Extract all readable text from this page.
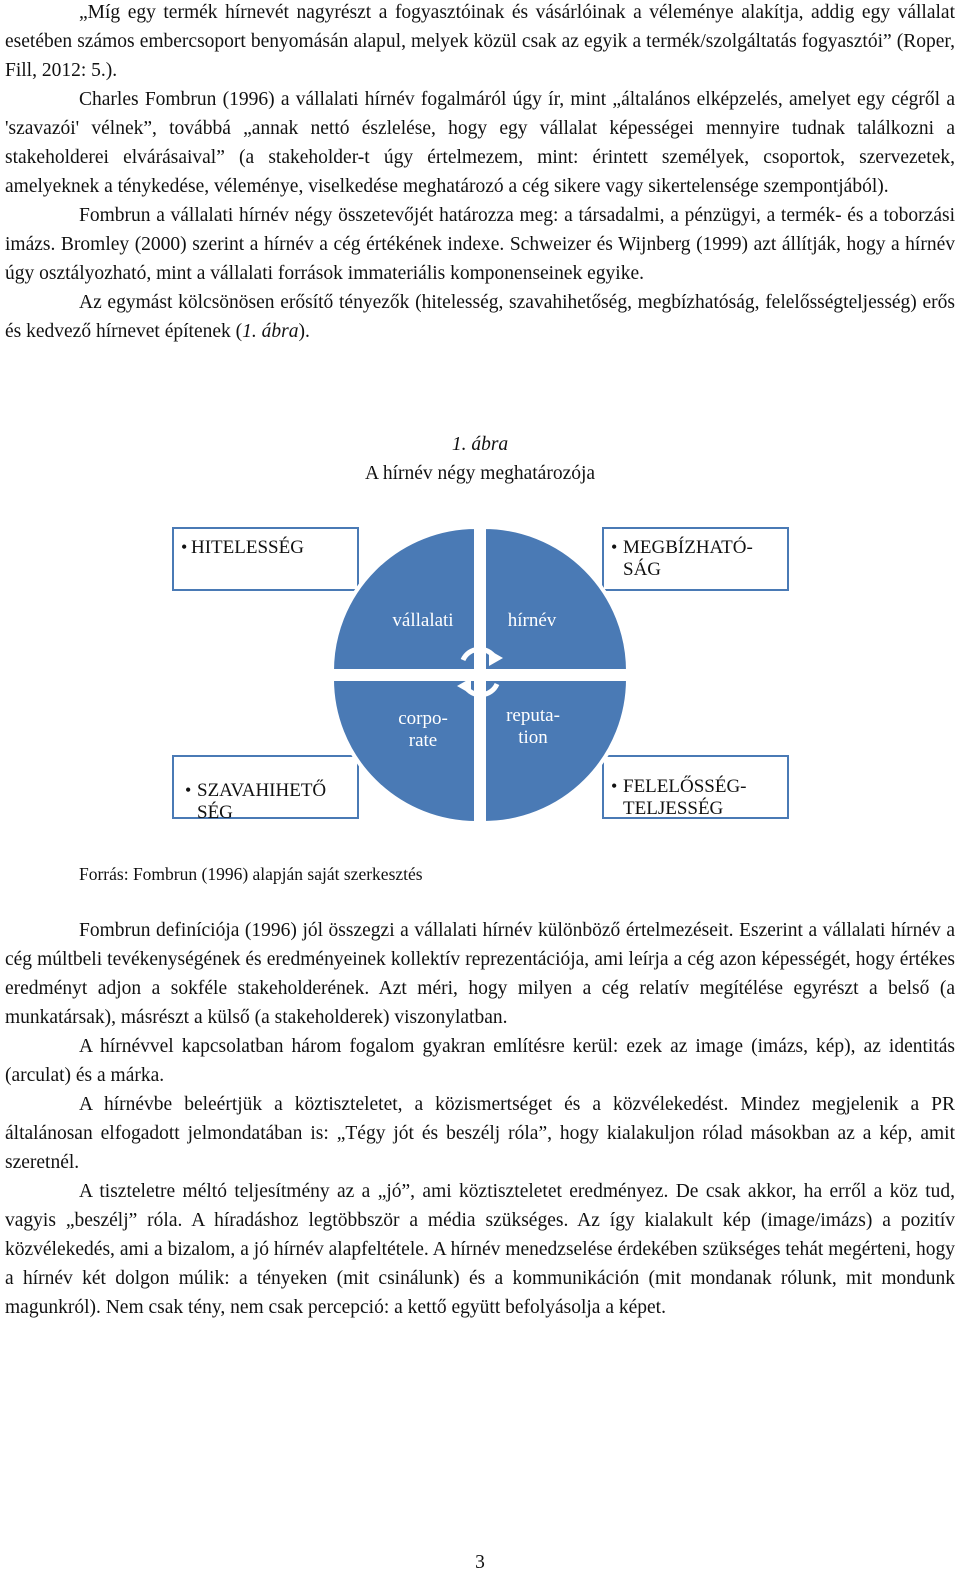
„Míg egy termék hírnevét nagyrészt a fogyasztóinak és vásárlóinak a véleménye alakítja, addig egy vállalat esetében számos embercsoport benyomásán alapul, melyek közül csak az egyik a termék/szolgáltatás fogyasztói” (Roper, Fill, 2012: 5.).

Charles Fombrun (1996) a vállalati hírnév fogalmáról úgy ír, mint „általános elképzelés, amelyet egy cégről a 'szavazói' vélnek”, továbbá „annak nettó észlelése, hogy egy vállalat képességei mennyire tudnak találkozni a stakeholderei elvárásaival” (a stakeholder-t úgy értelmezem, mint: érintett személyek, csoportok, szervezetek, amelyeknek a ténykedése, véleménye, viselkedése meghatározó a cég sikere vagy sikertelensége szempontjából).

Fombrun a vállalati hírnév négy összetevőjét határozza meg: a társadalmi, a pénzügyi, a termék- és a toborzási imázs. Bromley (2000) szerint a hírnév a cég értékének indexe. Schweizer és Wijnberg (1999) azt állítják, hogy a hírnév úgy osztályozható, mint a vállalati források immateriális komponenseinek egyike.

Az egymást kölcsönösen erősítő tényezők (hitelesség, szavahihetőség, megbízhatóság, felelősségteljesség) erős és kedvező hírnevet építenek (1. ábra).

1. ábra
A hírnév négy meghatározója
• HITELESSÉG	• MEGBÍZHATÓ-
SÁG
• SZAVAHIHETŐ
SÉG
• FELELŐSSÉG-
TELJESSÉG
vállalati	hírnév
corpo-
rate
reputa-
tion
Forrás: Fombrun (1996) alapján saját szerkesztés

Fombrun definíciója (1996) jól összegzi a vállalati hírnév különböző értelmezéseit. Eszerint a vállalati hírnév a cég múltbeli tevékenységének és eredményeinek kollektív reprezentációja, ami leírja a cég azon képességét, hogy értékes eredményt adjon a sokféle stakeholderének. Azt méri, hogy milyen a cég relatív megítélése egyrészt a belső (a munkatársak), másrészt a külső (a stakeholderek) viszonylatban.

A hírnévvel kapcsolatban három fogalom gyakran említésre kerül: ezek az image (imázs, kép), az identitás (arculat) és a márka.

A hírnévbe beleértjük a köztiszteletet, a közismertséget és a közvélekedést. Mindez megjelenik a PR általánosan elfogadott jelmondatában is: „Tégy jót és beszélj róla”, hogy kialakuljon rólad másokban az a kép, amit szeretnél.

A tiszteletre méltó teljesítmény az a „jó”, ami köztiszteletet eredményez. De csak akkor, ha erről a köz tud, vagyis „beszélj” róla. A híradáshoz legtöbbször a média szükséges. Az így kialakult kép (image/imázs) a pozitív közvélekedés, ami a bizalom, a jó hírnév alapfeltétele. A hírnév menedzselése érdekében szükséges tehát megérteni, hogy a hírnév két dolgon múlik: a tényeken (mit csinálunk) és a kommunikáción (mit mondanak rólunk, mit mondunk magunkról). Nem csak tény, nem csak percepció: a kettő együtt befolyásolja a képet.

3
